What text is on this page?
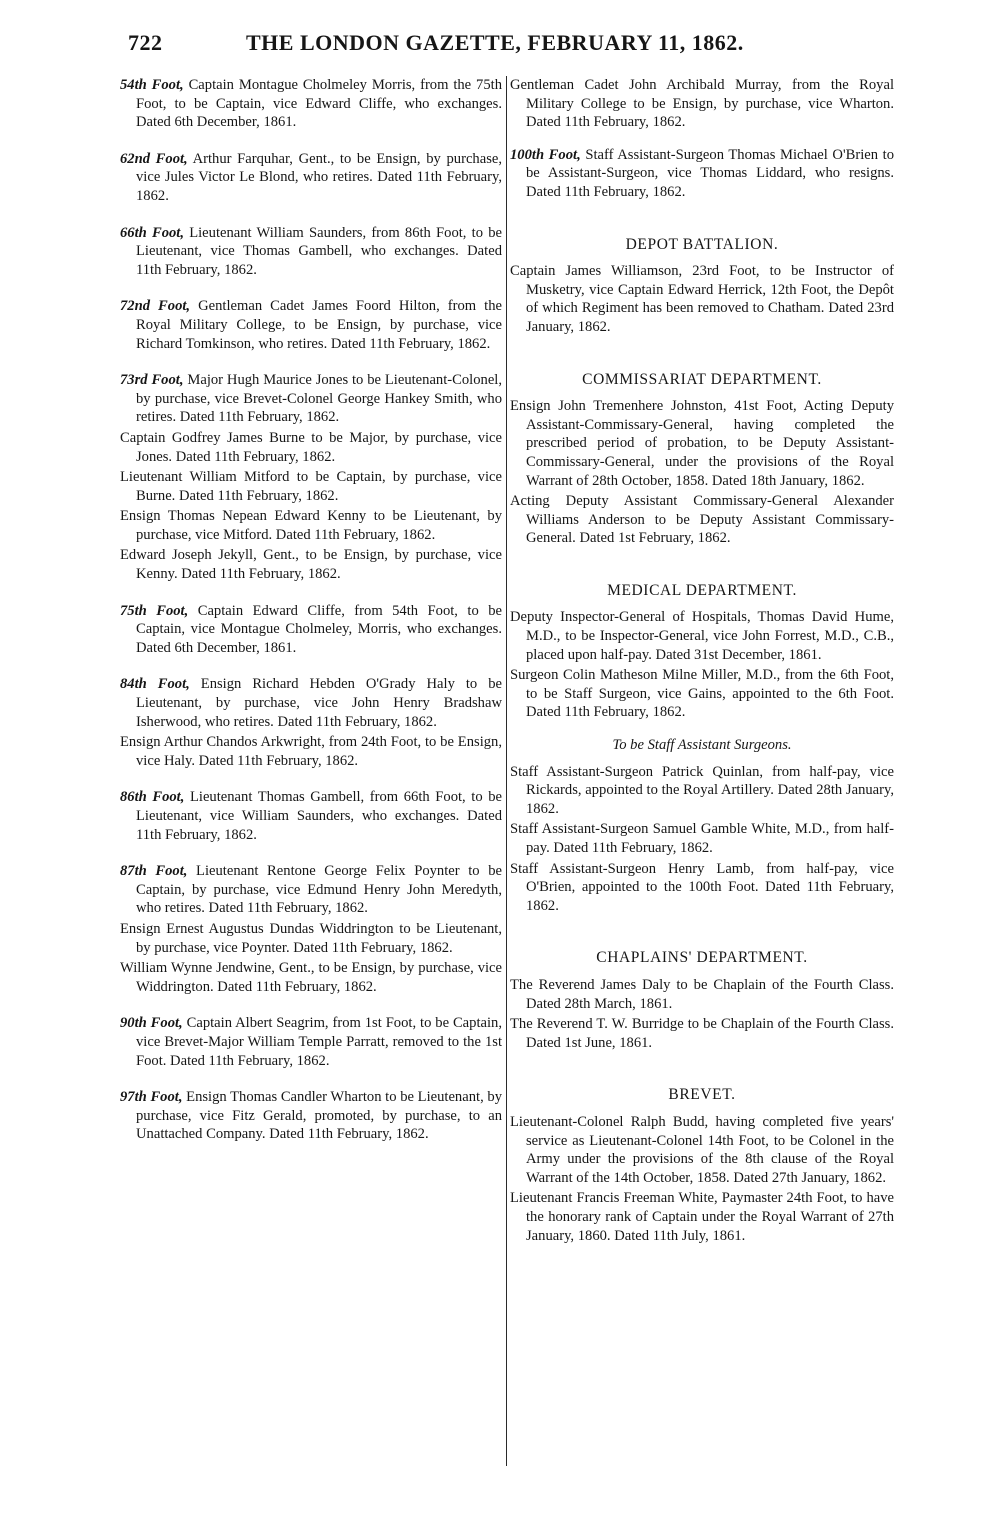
722	THE LONDON GAZETTE, FEBRUARY 11, 1862.

54th Foot, Captain Montague Cholmeley Morris, from the 75th Foot, to be Captain, vice Edward Cliffe, who exchanges. Dated 6th December, 1861.

62nd Foot, Arthur Farquhar, Gent., to be Ensign, by purchase, vice Jules Victor Le Blond, who retires. Dated 11th February, 1862.

66th Foot, Lieutenant William Saunders, from 86th Foot, to be Lieutenant, vice Thomas Gambell, who exchanges. Dated 11th February, 1862.

72nd Foot, Gentleman Cadet James Foord Hilton, from the Royal Military College, to be Ensign, by purchase, vice Richard Tomkinson, who retires. Dated 11th February, 1862.

73rd Foot, Major Hugh Maurice Jones to be Lieutenant-Colonel, by purchase, vice Brevet-Colonel George Hankey Smith, who retires. Dated 11th February, 1862.

Captain Godfrey James Burne to be Major, by purchase, vice Jones. Dated 11th February, 1862.

Lieutenant William Mitford to be Captain, by purchase, vice Burne. Dated 11th February, 1862.

Ensign Thomas Nepean Edward Kenny to be Lieutenant, by purchase, vice Mitford. Dated 11th February, 1862.

Edward Joseph Jekyll, Gent., to be Ensign, by purchase, vice Kenny. Dated 11th February, 1862.

75th Foot, Captain Edward Cliffe, from 54th Foot, to be Captain, vice Montague Cholmeley, Morris, who exchanges. Dated 6th December, 1861.

84th Foot, Ensign Richard Hebden O'Grady Haly to be Lieutenant, by purchase, vice John Henry Bradshaw Isherwood, who retires. Dated 11th February, 1862.

Ensign Arthur Chandos Arkwright, from 24th Foot, to be Ensign, vice Haly. Dated 11th February, 1862.

86th Foot, Lieutenant Thomas Gambell, from 66th Foot, to be Lieutenant, vice William Saunders, who exchanges. Dated 11th February, 1862.

87th Foot, Lieutenant Rentone George Felix Poynter to be Captain, by purchase, vice Edmund Henry John Meredyth, who retires. Dated 11th February, 1862.

Ensign Ernest Augustus Dundas Widdrington to be Lieutenant, by purchase, vice Poynter. Dated 11th February, 1862.

William Wynne Jendwine, Gent., to be Ensign, by purchase, vice Widdrington. Dated 11th February, 1862.

90th Foot, Captain Albert Seagrim, from 1st Foot, to be Captain, vice Brevet-Major William Temple Parratt, removed to the 1st Foot. Dated 11th February, 1862.

97th Foot, Ensign Thomas Candler Wharton to be Lieutenant, by purchase, vice Fitz Gerald, promoted, by purchase, to an Unattached Company. Dated 11th February, 1862.

Gentleman Cadet John Archibald Murray, from the Royal Military College to be Ensign, by purchase, vice Wharton. Dated 11th February, 1862.

100th Foot, Staff Assistant-Surgeon Thomas Michael O'Brien to be Assistant-Surgeon, vice Thomas Liddard, who resigns. Dated 11th February, 1862.

DEPOT BATTALION.

Captain James Williamson, 23rd Foot, to be Instructor of Musketry, vice Captain Edward Herrick, 12th Foot, the Depôt of which Regiment has been removed to Chatham. Dated 23rd January, 1862.

COMMISSARIAT DEPARTMENT.

Ensign John Tremenhere Johnston, 41st Foot, Acting Deputy Assistant-Commissary-General, having completed the prescribed period of probation, to be Deputy Assistant-Commissary-General, under the provisions of the Royal Warrant of 28th October, 1858. Dated 18th January, 1862.

Acting Deputy Assistant Commissary-General Alexander Williams Anderson to be Deputy Assistant Commissary-General. Dated 1st February, 1862.

MEDICAL DEPARTMENT.

Deputy Inspector-General of Hospitals, Thomas David Hume, M.D., to be Inspector-General, vice John Forrest, M.D., C.B., placed upon half-pay. Dated 31st December, 1861.

Surgeon Colin Matheson Milne Miller, M.D., from the 6th Foot, to be Staff Surgeon, vice Gains, appointed to the 6th Foot. Dated 11th February, 1862.

To be Staff Assistant Surgeons.

Staff Assistant-Surgeon Patrick Quinlan, from half-pay, vice Rickards, appointed to the Royal Artillery. Dated 28th January, 1862.

Staff Assistant-Surgeon Samuel Gamble White, M.D., from half-pay. Dated 11th February, 1862.

Staff Assistant-Surgeon Henry Lamb, from half-pay, vice O'Brien, appointed to the 100th Foot. Dated 11th February, 1862.

CHAPLAINS' DEPARTMENT.

The Reverend James Daly to be Chaplain of the Fourth Class. Dated 28th March, 1861.

The Reverend T. W. Burridge to be Chaplain of the Fourth Class. Dated 1st June, 1861.

BREVET.

Lieutenant-Colonel Ralph Budd, having completed five years' service as Lieutenant-Colonel 14th Foot, to be Colonel in the Army under the provisions of the 8th clause of the Royal Warrant of the 14th October, 1858. Dated 27th January, 1862.

Lieutenant Francis Freeman White, Paymaster 24th Foot, to have the honorary rank of Captain under the Royal Warrant of 27th January, 1860. Dated 11th July, 1861.
